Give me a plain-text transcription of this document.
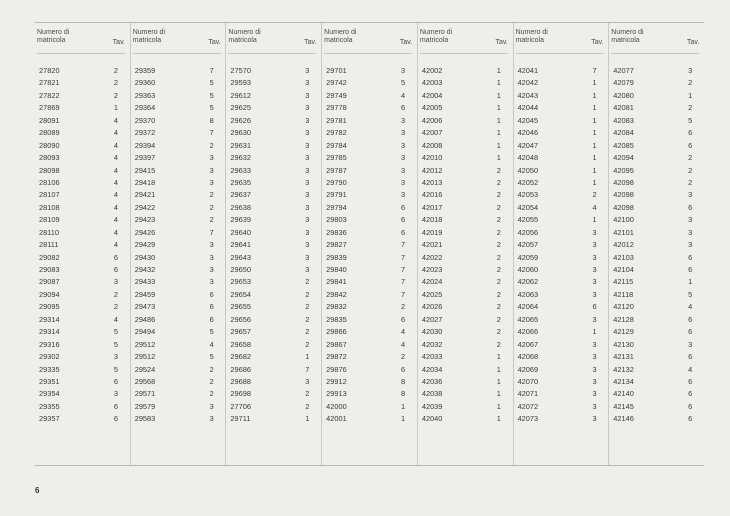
Numero di
matricola	Tav.
27820	2
27821	2
27822	2
27869	1
28091	4
28089	4
28090	4
28093	4
28098	4
28106	4
28107	4
28108	4
28109	4
28110	4
28111	4
29082	6
29083	6
29087	3
29094	2
29095	2
29314	4
29314	5
29316	5
29302	3
29335	5
29351	6
29354	3
29355	6
29357	6
Numero di
matricola	Tav.
29359	7
29360	5
29363	5
29364	5
29370	8
29372	7
29394	2
29397	3
29415	3
29418	3
29421	2
29422	2
29423	2
29426	7
29429	3
29430	3
29432	3
29433	3
29459	6
29473	6
29486	6
29494	5
29512	4
29512	5
29524	2
29568	2
29571	2
29579	3
29583	3
Numero di
matricola	Tav.
27570	3
29593	3
29612	3
29625	3
29626	3
29630	3
29631	3
29632	3
29633	3
29635	3
29637	3
29638	3
29639	3
29640	3
29641	3
29643	3
29650	3
29653	2
29654	2
29655	2
29656	2
29657	2
29658	2
29682	1
29686	7
29688	3
29698	2
27706	2
29711	1
Numero di
matricola	Tav.
29701	3
29742	5
29749	4
29778	6
29781	3
29782	3
29784	3
29785	3
29787	3
29790	3
29791	3
29794	6
29803	6
29836	6
29827	7
29839	7
29840	7
29841	7
29842	7
29832	2
29835	6
29866	4
29867	4
29872	2
29876	6
29912	8
29913	8
42000	1
42001	1
Numero di
matricola	Tav.
42002	1
42003	1
42004	1
42005	1
42006	1
42007	1
42008	1
42010	1
42012	2
42013	2
42016	2
42017	2
42018	2
42019	2
42021	2
42022	2
42023	2
42024	2
42025	2
42026	2
42027	2
42030	2
42032	2
42033	1
42034	1
42036	1
42038	1
42039	1
42040	1
Numero di
matricola	Tav.
42041	7
42042	1
42043	1
42044	1
42045	1
42046	1
42047	1
42048	1
42050	1
42052	1
42053	2
42054	4
42055	1
42056	3
42057	3
42059	3
42060	3
42062	3
42063	3
42064	6
42065	3
42066	1
42067	3
42068	3
42069	3
42070	3
42071	3
42072	3
42073	3
Numero di
matricola	Tav.
42077	3
42079	2
42080	1
42081	2
42083	5
42084	6
42085	6
42094	2
42095	2
42098	2
42098	3
42098	6
42100	3
42101	3
42012	3
42103	6
42104	6
42115	1
42118	5
42120	4
42128	6
42129	6
42130	3
42131	6
42132	4
42134	6
42140	6
42145	6
42146	6
6
